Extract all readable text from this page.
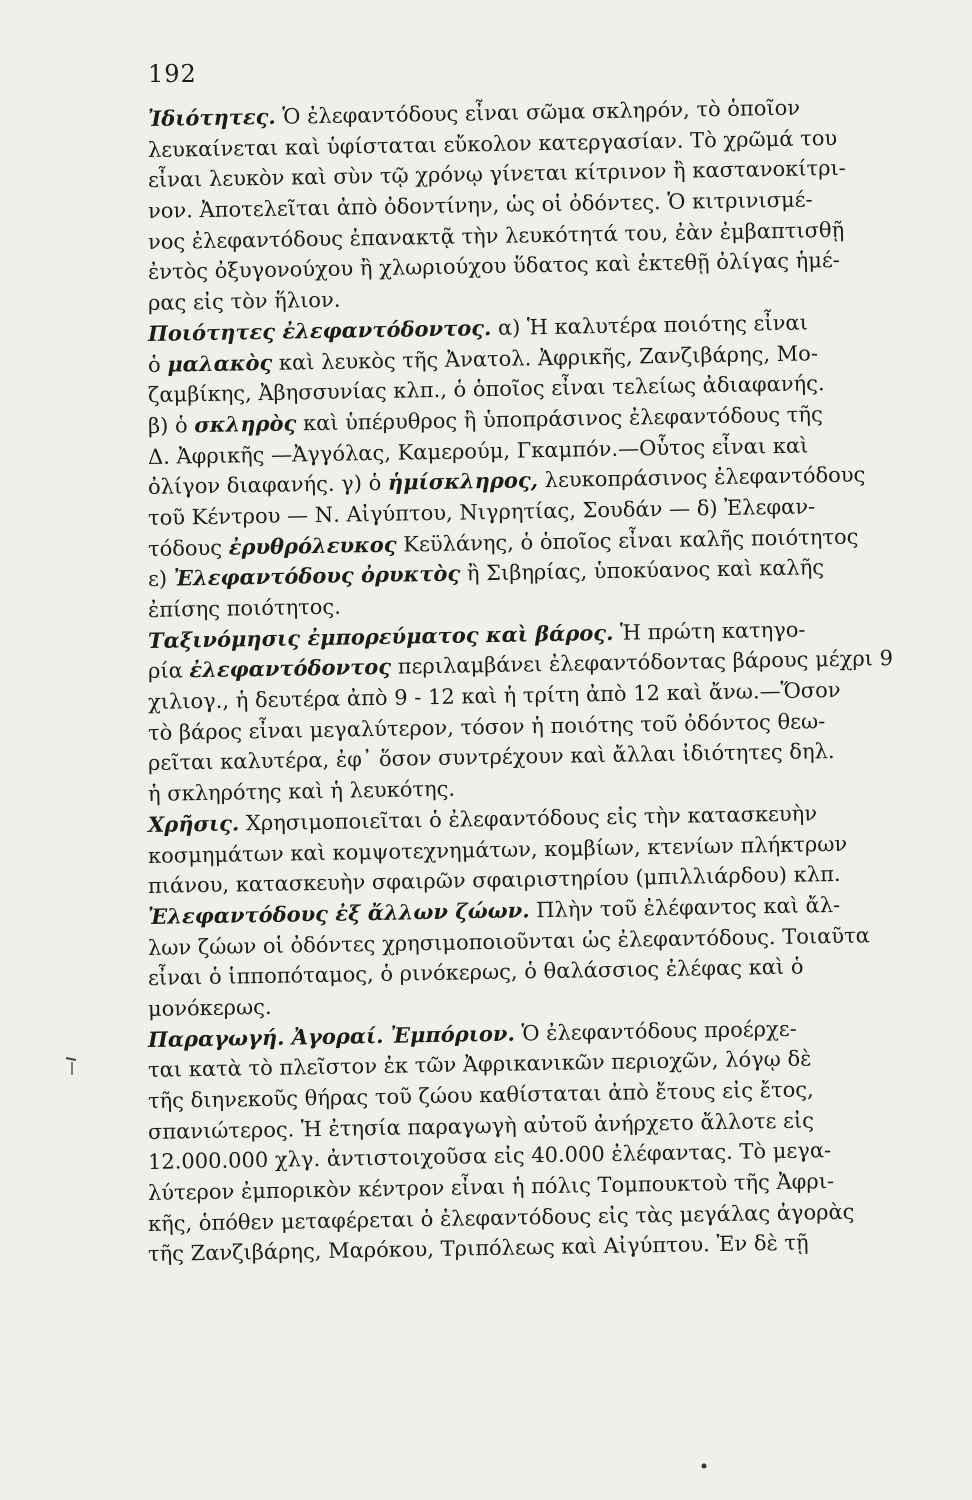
192
Ἰδιότητες. Ὁ ἐλεφαντόδους εἶναι σῶμα σκληρόν, τὸ ὁποῖον
λευκαίνεται καὶ ὑφίσταται εὔκολον κατεργασίαν. Τὸ χρῶμά του
εἶναι λευκὸν καὶ σὺν τῷ χρόνῳ γίνεται κίτρινον ἢ καστανοκίτρι-
νον. Ἀποτελεῖται ἀπὸ ὀδοντίνην, ὡς οἱ ὀδόντες. Ὁ κιτρινισμέ-
νος ἐλεφαντόδους ἐπανακτᾷ τὴν λευκότητά του, ἐὰν ἐμβαπτισθῇ
ἐντὸς ὀξυγονούχου ἢ χλωριούχου ὕδατος καὶ ἐκτεθῇ ὀλίγας ἡμέ-
ρας εἰς τὸν ἥλιον.
Ποιότητες ἐλεφαντόδοντος. α) Ἡ καλυτέρα ποιότης εἶναι
ὁ μαλακὸς καὶ λευκὸς τῆς Ἀνατολ. Ἀφρικῆς, Ζανζιβάρης, Μο-
ζαμβίκης, Ἀβησσυνίας κλπ., ὁ ὁποῖος εἶναι τελείως ἀδιαφανής.
β) ὁ σκληρὸς καὶ ὑπέρυθρος ἢ ὑποπράσινος ἐλεφαντόδους τῆς
Δ. Ἀφρικῆς —Ἀγγόλας, Καμερούμ, Γκαμπόν.—Οὗτος εἶναι καὶ
ὀλίγον διαφανής. γ) ὁ ἡμίσκληρος, λευκοπράσινος ἐλεφαντόδους
τοῦ Κέντρου — Ν. Αἰγύπτου, Νιγρητίας, Σουδάν — δ) Ἐλεφαν-
τόδους ἐρυθρόλευκος Κεϋλάνης, ὁ ὁποῖος εἶναι καλῆς ποιότητος
ε) Ἐλεφαντόδους ὀρυκτὸς ἢ Σιβηρίας, ὑποκύανος καὶ καλῆς
ἐπίσης ποιότητος.
Ταξινόμησις ἐμπορεύματος καὶ βάρος. Ἡ πρώτη κατηγο-
ρία ἐλεφαντόδοντος περιλαμβάνει ἐλεφαντόδοντας βάρους μέχρι 9
χιλιογ., ἡ δευτέρα ἀπὸ 9 - 12 καὶ ἡ τρίτη ἀπὸ 12 καὶ ἄνω.—Ὅσον
τὸ βάρος εἶναι μεγαλύτερον, τόσον ἡ ποιότης τοῦ ὀδόντος θεω-
ρεῖται καλυτέρα, ἐφ᾽ ὅσον συντρέχουν καὶ ἄλλαι ἰδιότητες δηλ.
ἡ σκληρότης καὶ ἡ λευκότης.
Χρῆσις. Χρησιμοποιεῖται ὁ ἐλεφαντόδους εἰς τὴν κατασκευὴν
κοσμημάτων καὶ κομψοτεχνημάτων, κομβίων, κτενίων πλήκτρων
πιάνου, κατασκευὴν σφαιρῶν σφαιριστηρίου (μπιλλιάρδου) κλπ.
Ἐλεφαντόδους ἐξ ἄλλων ζώων. Πλὴν τοῦ ἐλέφαντος καὶ ἄλ-
λων ζώων οἱ ὀδόντες χρησιμοποιοῦνται ὡς ἐλεφαντόδους. Τοιαῦτα
εἶναι ὁ ἱπποπόταμος, ὁ ρινόκερως, ὁ θαλάσσιος ἐλέφας καὶ ὁ
μονόκερως.
Παραγωγή. Ἀγοραί. Ἐμπόριον. Ὁ ἐλεφαντόδους προέρχε-
ται κατὰ τὸ πλεῖστον ἐκ τῶν Ἀφρικανικῶν περιοχῶν, λόγῳ δὲ
τῆς διηνεκοῦς θήρας τοῦ ζώου καθίσταται ἀπὸ ἔτους εἰς ἔτος,
σπανιώτερος. Ἡ ἐτησία παραγωγὴ αὐτοῦ ἀνήρχετο ἄλλοτε εἰς
12.000.000 χλγ. ἀντιστοιχοῦσα εἰς 40.000 ἐλέφαντας. Τὸ μεγα-
λύτερον ἐμπορικὸν κέντρον εἶναι ἡ πόλις Τομπουκτοὺ τῆς Ἀφρι-
κῆς, ὁπόθεν μεταφέρεται ὁ ἐλεφαντόδους εἰς τὰς μεγάλας ἀγορὰς
τῆς Ζανζιβάρης, Μαρόκου, Τριπόλεως καὶ Αἰγύπτου. Ἐν δὲ τῇ
